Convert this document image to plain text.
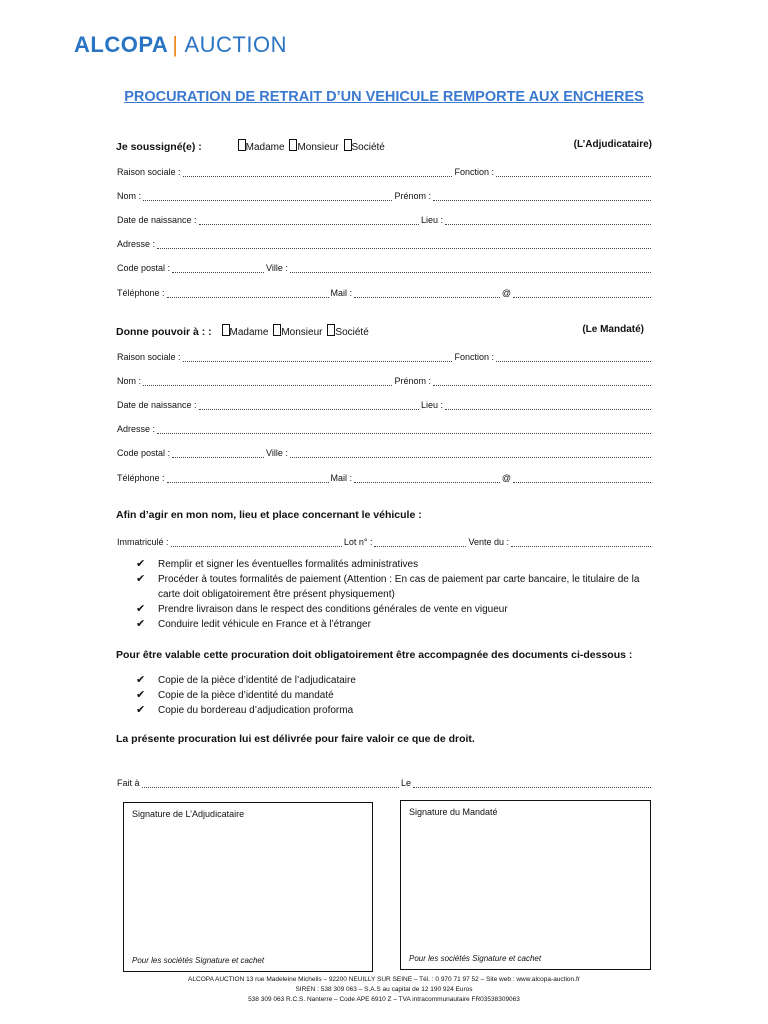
ALCOPA | AUCTION
PROCURATION DE RETRAIT D’UN VEHICULE REMPORTE AUX ENCHERES
Je soussigné(e) :	Madame Monsieur Société	(L’Adjudicataire)
Raison sociale :	Fonction :
Nom :	Prénom :
Date de naissance :	Lieu :
Adresse :
Code postal :	Ville :
Téléphone :	Mail :	@
Donne pouvoir à : : Madame Monsieur Société	(Le Mandaté)
Raison sociale :	Fonction :
Nom :	Prénom :
Date de naissance :	Lieu :
Adresse :
Code postal :	Ville :
Téléphone :	Mail :	@
Afin d’agir en mon nom, lieu et place concernant le véhicule :
Immatriculé :	Lot n° :	Vente du :
✔ Remplir et signer les éventuelles formalités administratives
✔ Procéder à toutes formalités de paiement (Attention : En cas de paiement par carte bancaire, le titulaire de la carte doit obligatoirement être présent physiquement)
✔ Prendre livraison dans le respect des conditions générales de vente en vigueur
✔ Conduire ledit véhicule en France et à l’étranger
Pour être valable cette procuration doit obligatoirement être accompagnée des documents ci-dessous :
✔ Copie de la pièce d’identité de l’adjudicataire
✔ Copie de la pièce d’identité du mandaté
✔ Copie du bordereau d’adjudication proforma
La présente procuration lui est délivrée pour faire valoir ce que de droit.
Fait à	Le
Signature de L’Adjudicataire
Pour les sociétés Signature et cachet
Signature du Mandaté
Pour les sociétés Signature et cachet
ALCOPA AUCTION 13 rue Madeleine Michelis – 92200 NEUILLY SUR SEINE – Tél. : 0 970 71 97 52 – Site web : www.alcopa-auction.fr
SIREN : 538 309 063 – S.A.S au capital de 12 190 924 Euros
538 309 063 R.C.S. Nanterre – Code APE 6910 Z – TVA intracommunautaire FR03538309063
